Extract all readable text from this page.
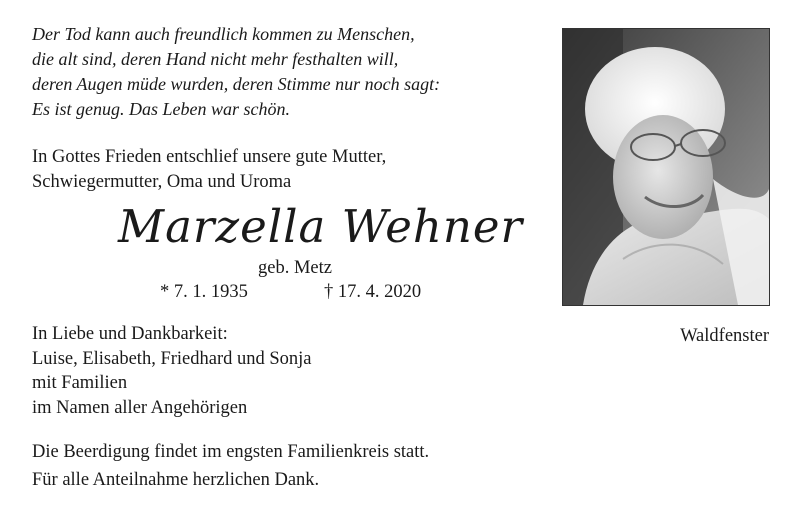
Der Tod kann auch freundlich kommen zu Menschen,
die alt sind, deren Hand nicht mehr festhalten will,
deren Augen müde wurden, deren Stimme nur noch sagt:
Es ist genug. Das Leben war schön.
In Gottes Frieden entschlief unsere gute Mutter,
Schwiegermutter, Oma und Uroma
Marzella Wehner
geb. Metz
* 7. 1. 1935	† 17. 4. 2020
In Liebe und Dankbarkeit:
Luise, Elisabeth, Friedhard und Sonja
mit Familien
im Namen aller Angehörigen
Die Beerdigung findet im engsten Familienkreis statt.
Für alle Anteilnahme herzlichen Dank.
Waldfenster
